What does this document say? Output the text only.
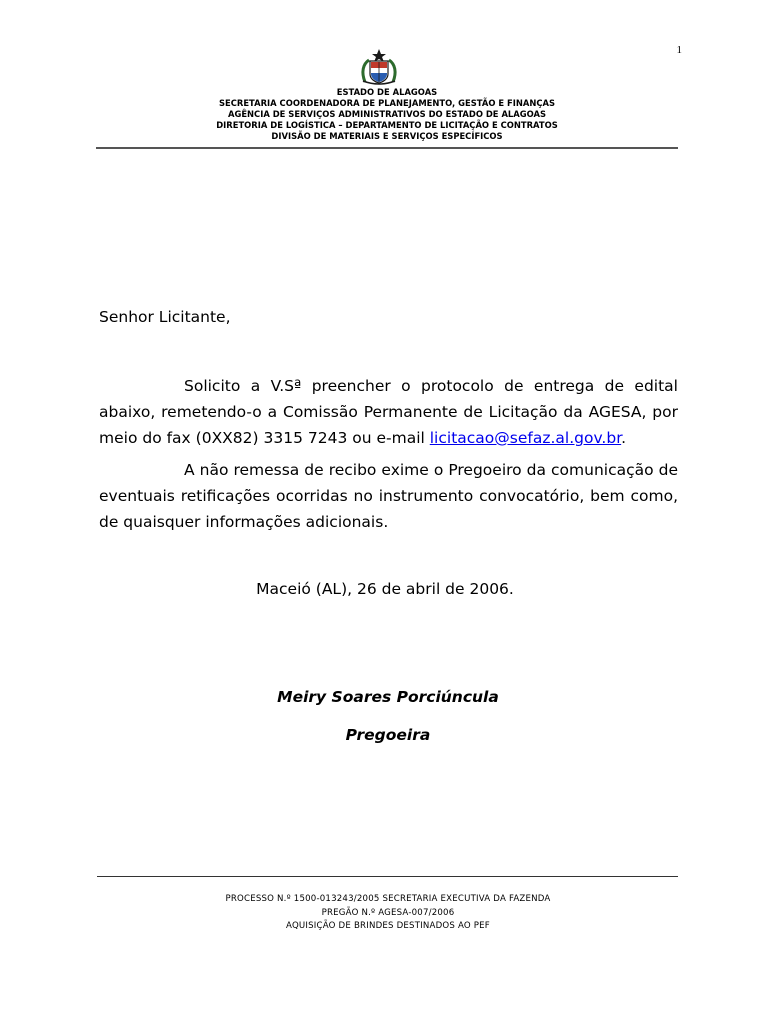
1
ESTADO DE ALAGOAS
SECRETARIA COORDENADORA DE PLANEJAMENTO, GESTÃO E FINANÇAS
AGÊNCIA DE SERVIÇOS ADMINISTRATIVOS DO ESTADO DE ALAGOAS
DIRETORIA DE LOGÍSTICA – DEPARTAMENTO DE LICITAÇÃO E CONTRATOS
DIVISÃO DE MATERIAIS E SERVIÇOS ESPECÍFICOS
Senhor Licitante,

Solicito a V.Sª preencher o protocolo de entrega de edital abaixo, remetendo-o a Comissão Permanente de Licitação da AGESA, por meio do fax (0XX82) 3315 7243 ou e-mail licitacao@sefaz.al.gov.br.

A não remessa de recibo exime o Pregoeiro da comunicação de eventuais retificações ocorridas no instrumento convocatório, bem como, de quaisquer informações adicionais.

Maceió (AL), 26 de abril de 2006.
Meiry Soares Porciúncula
Pregoeira
PROCESSO N.º 1500-013243/2005 SECRETARIA EXECUTIVA DA FAZENDA
PREGÃO N.º AGESA-007/2006
AQUISIÇÃO DE BRINDES DESTINADOS AO PEF
